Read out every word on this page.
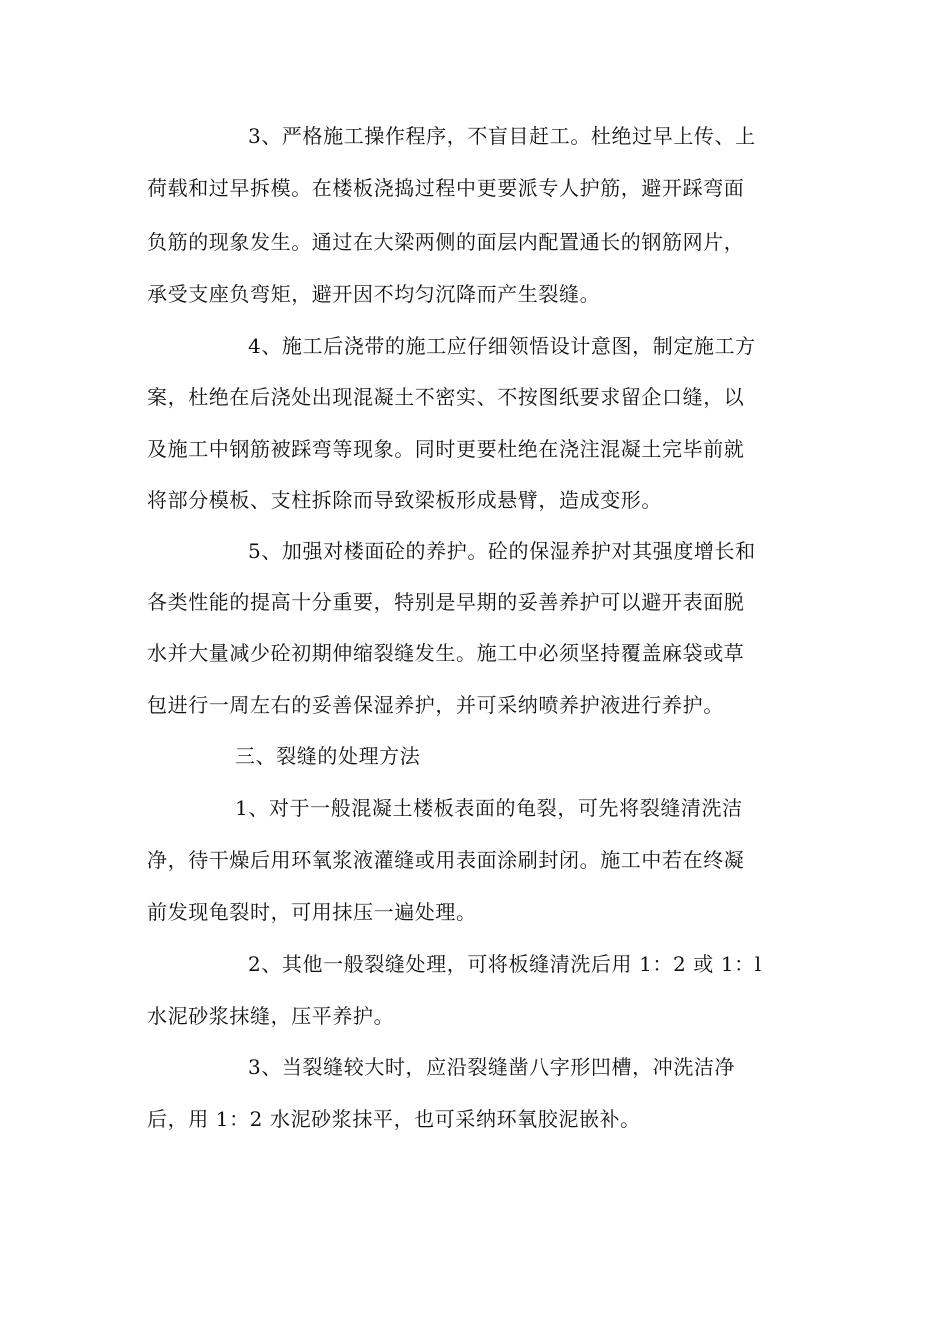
3、严格施工操作程序，不盲目赶工。杜绝过早上传、上
荷载和过早拆模。在楼板浇捣过程中更要派专人护筋，避开踩弯面
负筋的现象发生。通过在大梁两侧的面层内配置通长的钢筋网片，
承受支座负弯矩，避开因不均匀沉降而产生裂缝。
4、施工后浇带的施工应仔细领悟设计意图，制定施工方
案，杜绝在后浇处出现混凝土不密实、不按图纸要求留企口缝，以
及施工中钢筋被踩弯等现象。同时更要杜绝在浇注混凝土完毕前就
将部分模板、支柱拆除而导致梁板形成悬臂，造成变形。
5、加强对楼面砼的养护。砼的保湿养护对其强度增长和
各类性能的提高十分重要，特别是早期的妥善养护可以避开表面脱
水并大量减少砼初期伸缩裂缝发生。施工中必须坚持覆盖麻袋或草
包进行一周左右的妥善保湿养护，并可采纳喷养护液进行养护。
三、裂缝的处理方法
1、对于一般混凝土楼板表面的龟裂，可先将裂缝清洗洁
净，待干燥后用环氧浆液灌缝或用表面涂刷封闭。施工中若在终凝
前发现龟裂时，可用抹压一遍处理。
2、其他一般裂缝处理，可将板缝清洗后用 1：2 或 1：l
水泥砂浆抹缝，压平养护。
3、当裂缝较大时，应沿裂缝凿八字形凹槽，冲洗洁净
后，用 1：2 水泥砂浆抹平，也可采纳环氧胶泥嵌补。
